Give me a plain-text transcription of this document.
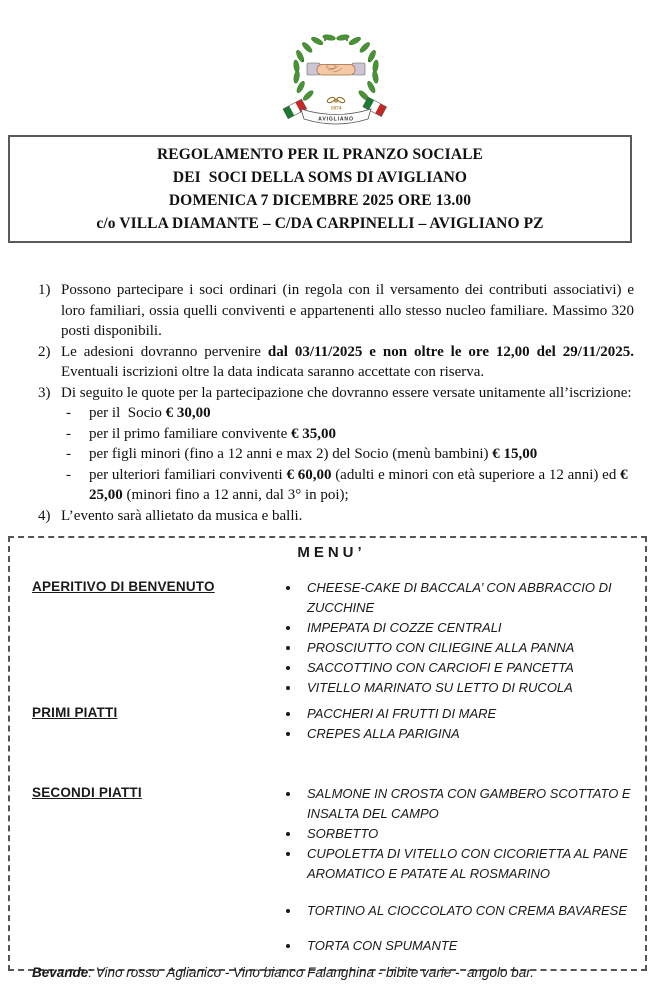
1874
AVIGLIANO
REGOLAMENTO PER IL PRANZO SOCIALE
DEI  SOCI DELLA SOMS DI AVIGLIANO
DOMENICA 7 DICEMBRE 2025 ORE 13.00
c/o VILLA DIAMANTE – C/DA CARPINELLI – AVIGLIANO PZ
1) Possono partecipare i soci ordinari (in regola con il versamento dei contributi associativi) e loro familiari, ossia quelli conviventi e appartenenti allo stesso nucleo familiare. Massimo 320 posti disponibili.
2) Le adesioni dovranno pervenire dal 03/11/2025 e non oltre le ore 12,00 del 29/11/2025. Eventuali iscrizioni oltre la data indicata saranno accettate con riserva.
3) Di seguito le quote per la partecipazione che dovranno essere versate unitamente all’iscrizione:
-	per il  Socio € 30,00
-	per il primo familiare convivente € 35,00
-	per figli minori (fino a 12 anni e max 2) del Socio (menù bambini) € 15,00
-	per ulteriori familiari conviventi € 60,00 (adulti e minori con età superiore a 12 anni) ed € 25,00 (minori fino a 12 anni, dal 3° in poi);
4) L’evento sarà allietato da musica e balli.
MENU’
APERITIVO DI BENVENUTO	• CHEESE-CAKE DI BACCALA’ CON ABBRACCIO DI ZUCCHINE
• IMPEPATA DI COZZE CENTRALI
• PROSCIUTTO CON CILIEGINE ALLA PANNA
• SACCOTTINO CON CARCIOFI E PANCETTA
• VITELLO MARINATO SU LETTO DI RUCOLA
PRIMI PIATTI	• PACCHERI AI FRUTTI DI MARE
• CREPES ALLA PARIGINA
SECONDI PIATTI	• SALMONE IN CROSTA CON GAMBERO SCOTTATO E INSALTA DEL CAMPO
• SORBETTO
• CUPOLETTA DI VITELLO CON CICORIETTA AL PANE AROMATICO E PATATE AL ROSMARINO
• TORTINO AL CIOCCOLATO CON CREMA BAVARESE
• TORTA CON SPUMANTE
Bevande: Vino rosso  Aglianico - Vino bianco Falanghina - bibite varie -  angolo bar.
